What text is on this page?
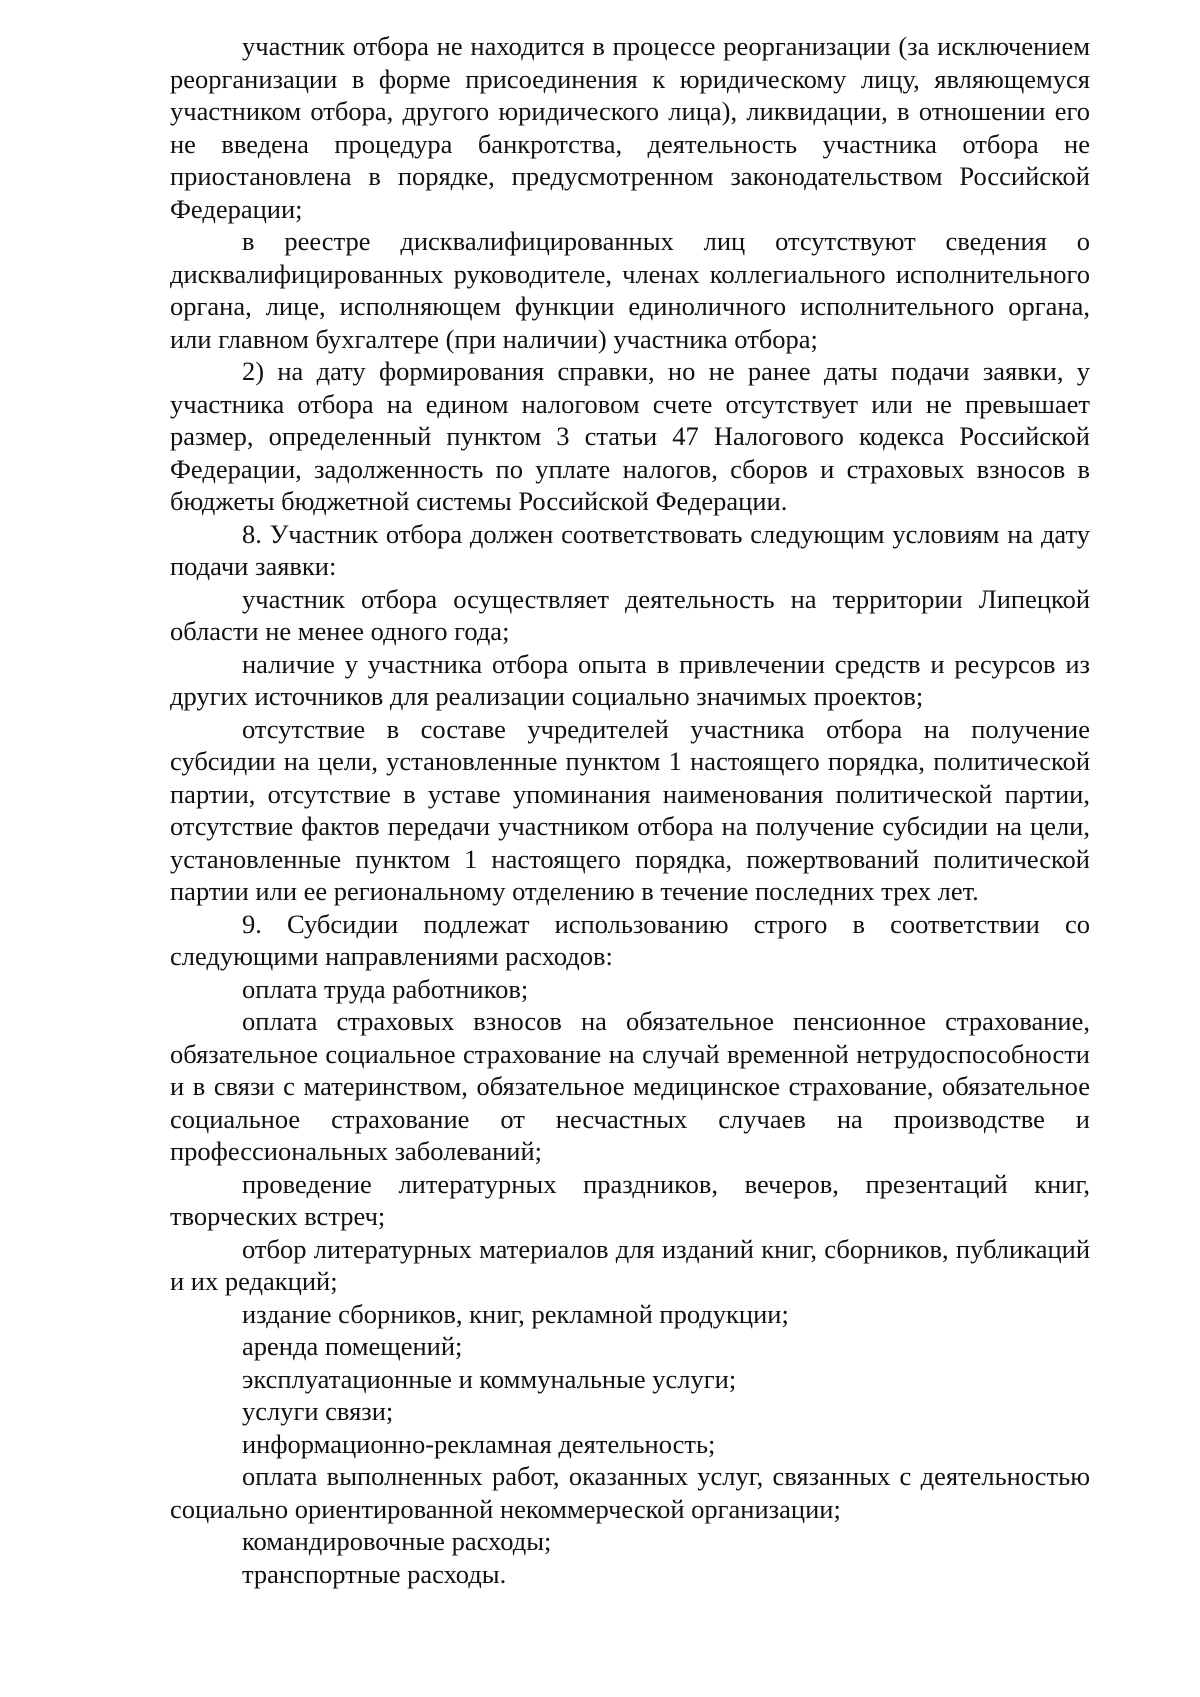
участник отбора не находится в процессе реорганизации (за исключением реорганизации в форме присоединения к юридическому лицу, являющемуся участником отбора, другого юридического лица), ликвидации, в отношении его не введена процедура банкротства, деятельность участника отбора не приостановлена в порядке, предусмотренном законодательством Российской Федерации;

в реестре дисквалифицированных лиц отсутствуют сведения о дисквалифицированных руководителе, членах коллегиального исполнительного органа, лице, исполняющем функции единоличного исполнительного органа, или главном бухгалтере (при наличии) участника отбора;

2) на дату формирования справки, но не ранее даты подачи заявки, у участника отбора на едином налоговом счете отсутствует или не превышает размер, определенный пунктом 3 статьи 47 Налогового кодекса Российской Федерации, задолженность по уплате налогов, сборов и страховых взносов в бюджеты бюджетной системы Российской Федерации.

8. Участник отбора должен соответствовать следующим условиям на дату подачи заявки:

участник отбора осуществляет деятельность на территории Липецкой области не менее одного года;

наличие у участника отбора опыта в привлечении средств и ресурсов из других источников для реализации социально значимых проектов;

отсутствие в составе учредителей участника отбора на получение субсидии на цели, установленные пунктом 1 настоящего порядка, политической партии, отсутствие в уставе упоминания наименования политической партии, отсутствие фактов передачи участником отбора на получение субсидии на цели, установленные пунктом 1 настоящего порядка, пожертвований политической партии или ее региональному отделению в течение последних трех лет.

9. Субсидии подлежат использованию строго в соответствии со следующими направлениями расходов:

оплата труда работников;

оплата страховых взносов на обязательное пенсионное страхование, обязательное социальное страхование на случай временной нетрудоспособности и в связи с материнством, обязательное медицинское страхование, обязательное социальное страхование от несчастных случаев на производстве и профессиональных заболеваний;

проведение литературных праздников, вечеров, презентаций книг, творческих встреч;

отбор литературных материалов для изданий книг, сборников, публикаций и их редакций;

издание сборников, книг, рекламной продукции;

аренда помещений;

эксплуатационные и коммунальные услуги;

услуги связи;

информационно-рекламная деятельность;

оплата выполненных работ, оказанных услуг, связанных с деятельностью социально ориентированной некоммерческой организации;

командировочные расходы;

транспортные расходы.
